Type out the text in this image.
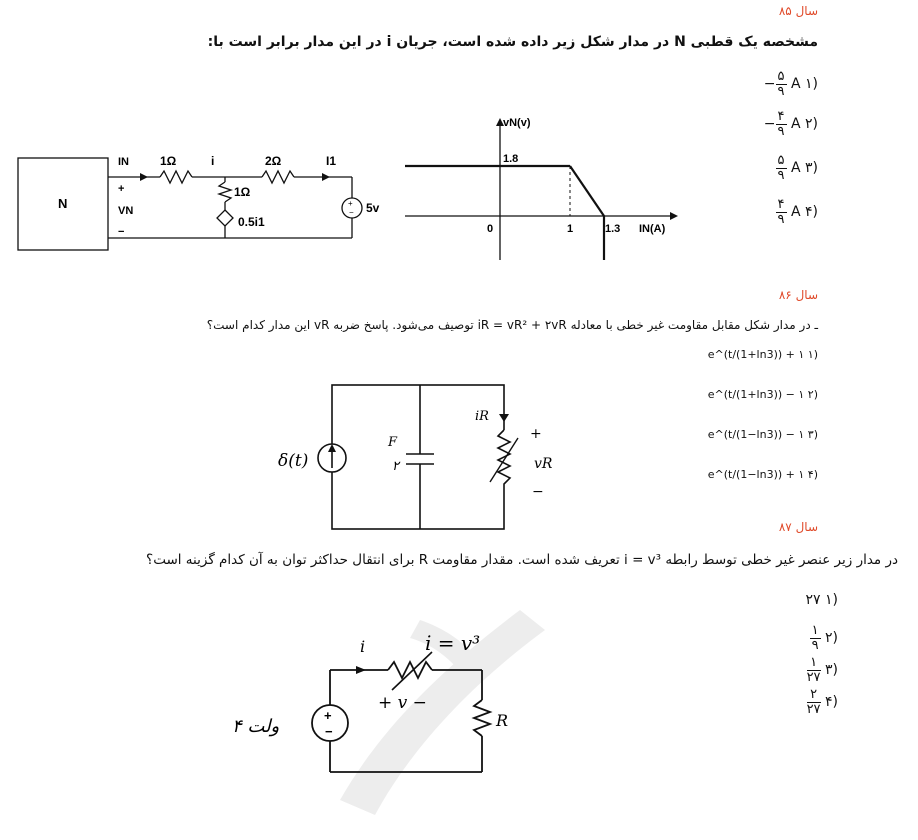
سال ۸۵
مشخصه یک قطبی N در مدار شکل زیر داده شده است، جریان i در این مدار برابر است با:
(۱ A
$\frac{۵}{۹}$
−
(۲ A
$\frac{۴}{۹}$
−
(۳ A
$\frac{۵}{۹}$
(۴ A
$\frac{۴}{۹}$
N	+
−
IN
+
VN
−
1Ω	i	2Ω	I1
1Ω
0.5i1
5v
vN(v)
1.8
0	1	1.3 IN(A)
سال ۸۶
ـ در مدار شکل مقابل مقاومت غیر خطی با معادله iR = vR² + ۲vR توصیف می‌شود. پاسخ ضربه vR این مدار کدام است؟
(۱ e^(t/(1+ln3)) + ۱
(۲ e^(t/(1+ln3)) − ۱
(۳ e^(t/(1−ln3)) − ۱
(۴ e^(t/(1−ln3)) + ۱
δ(t)
F
۲
iR
+
vR
−
سال ۸۷
در مدار زیر عنصر غیر خطی توسط رابطه i = v³ تعریف شده است. مقدار مقاومت R برای انتقال حداکثر توان به آن کدام گزینه است؟
(۱ ۲۷
(۲
$\frac{۱}{۹}$
(۳
$\frac{۱}{۲۷}$
(۴
$\frac{۲}{۲۷}$
+
−
i	i = v³
+ v −
R
۴ ولت
